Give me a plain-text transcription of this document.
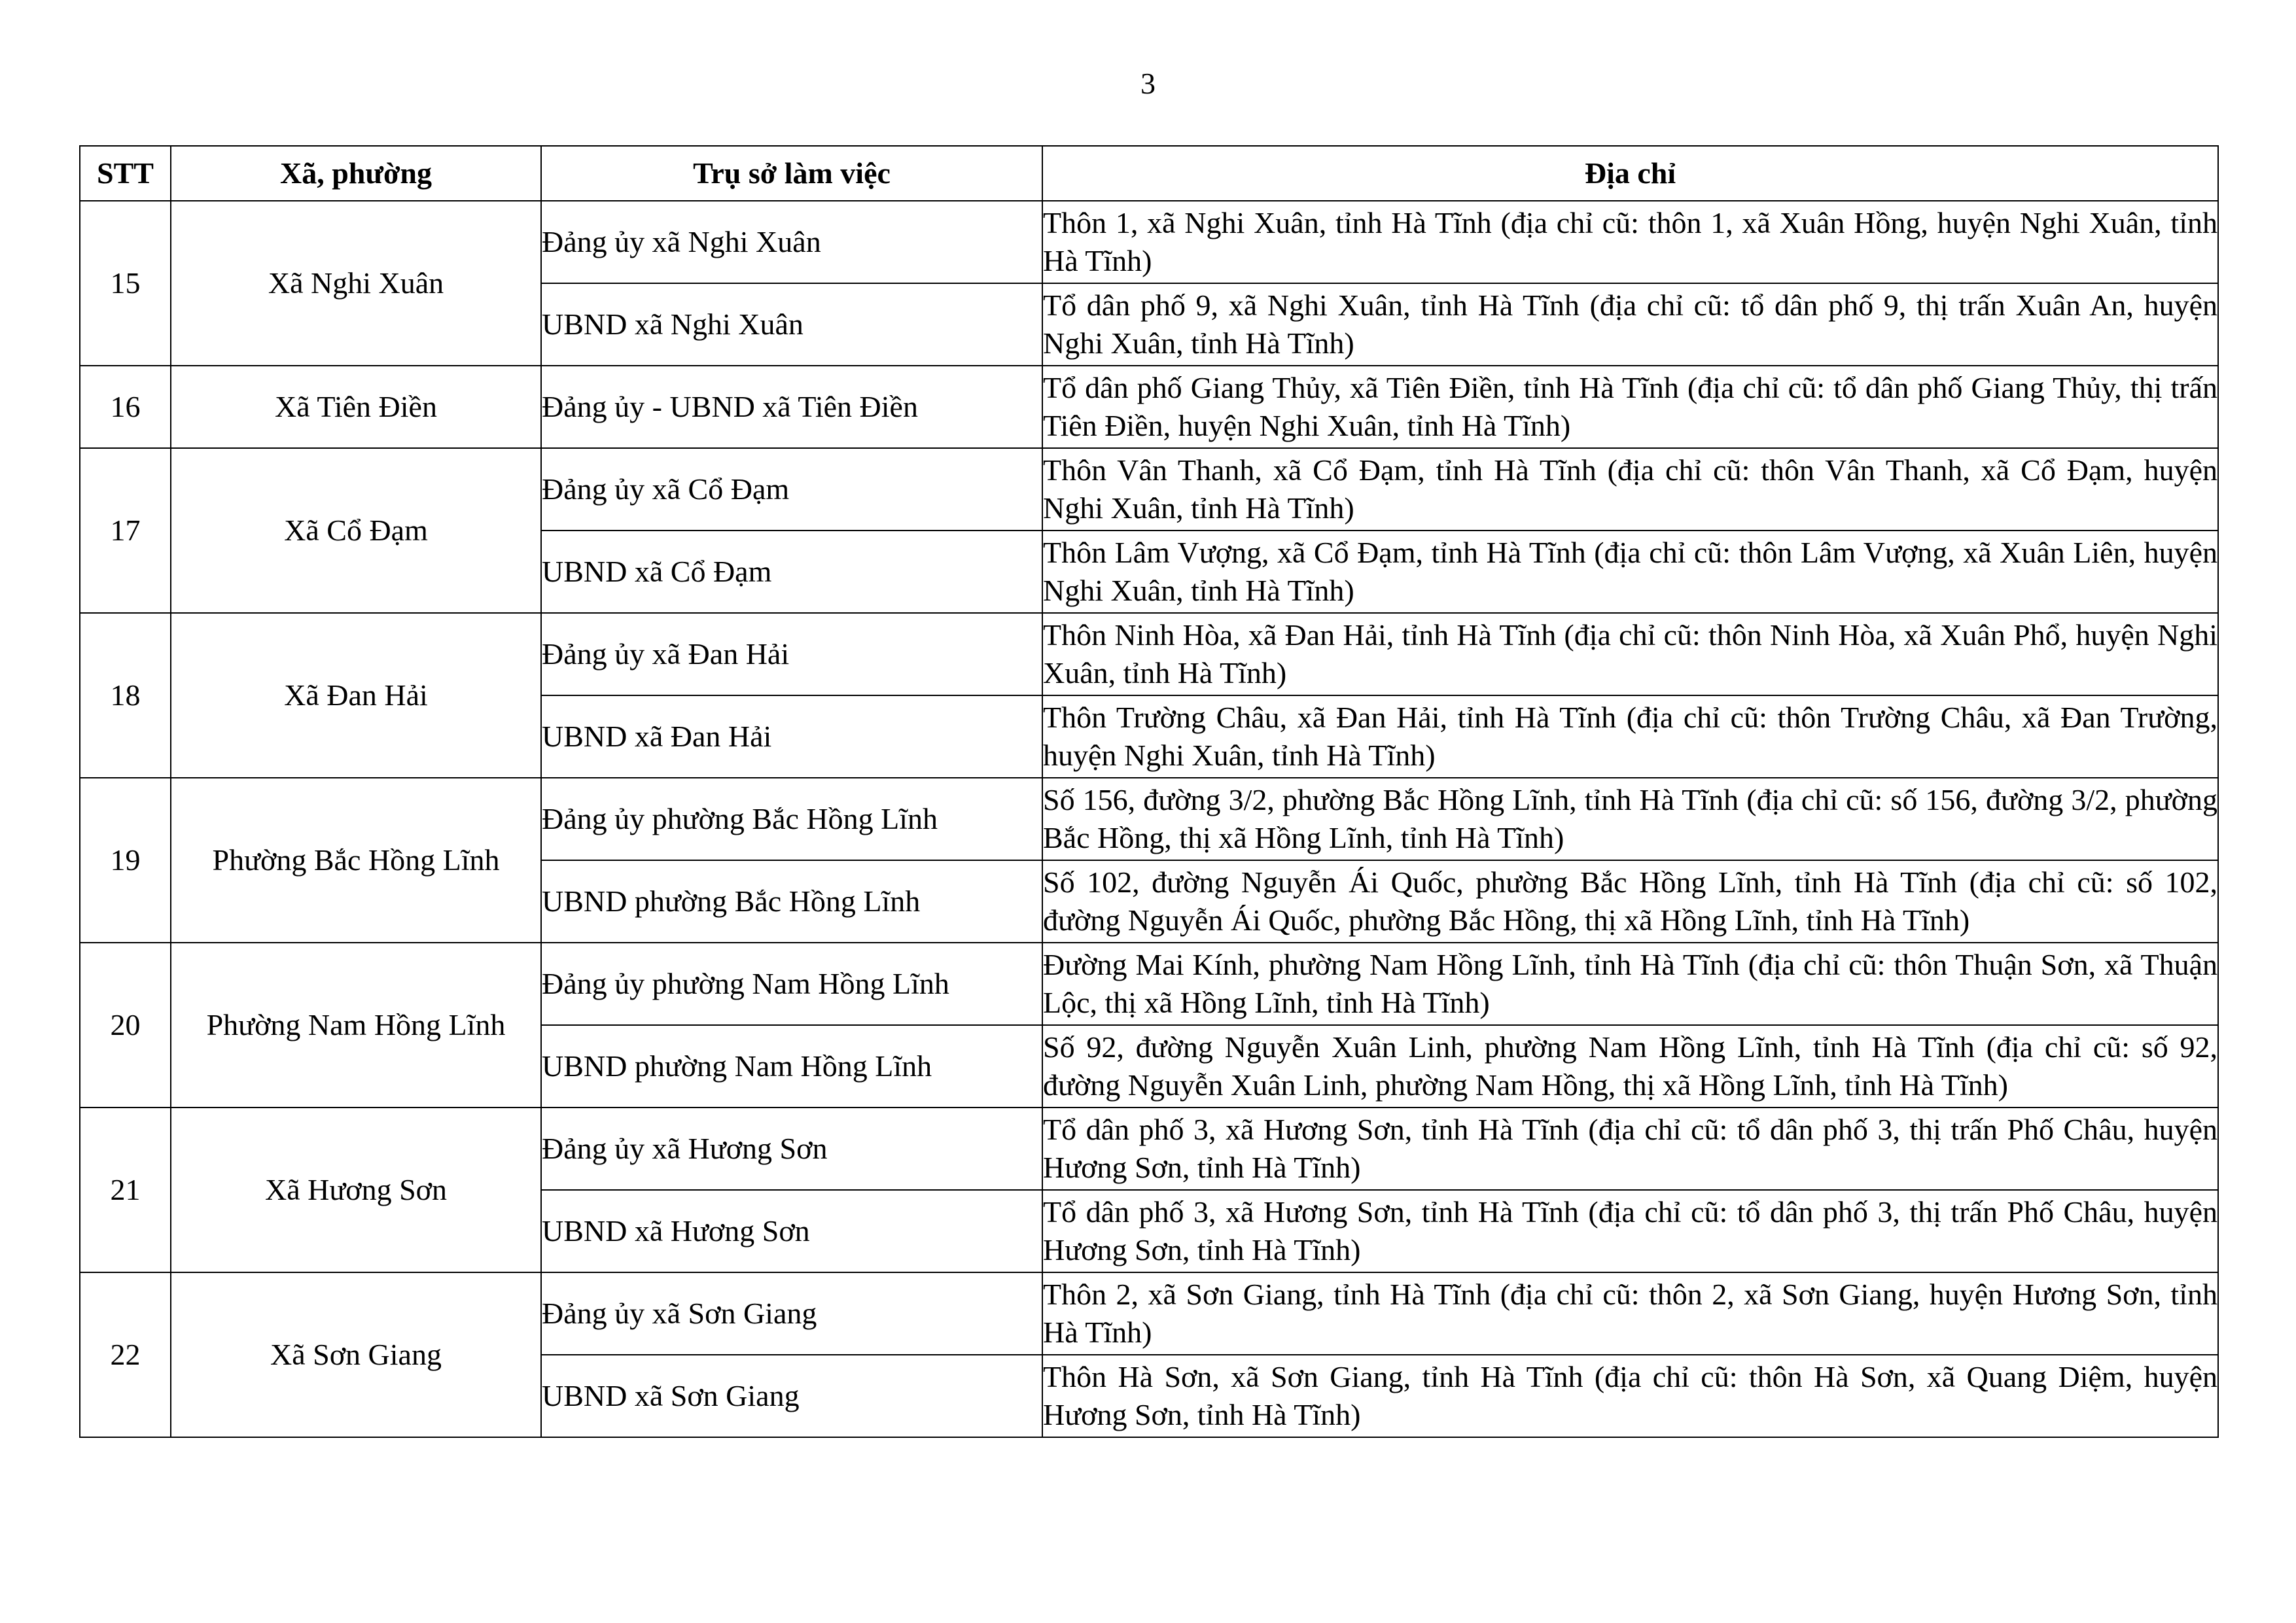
3
STT	Xã, phường	Trụ sở làm việc	Địa chỉ
15	Xã Nghi Xuân	Đảng ủy xã Nghi Xuân	Thôn 1, xã Nghi Xuân, tỉnh Hà Tĩnh (địa chỉ cũ: thôn 1, xã Xuân Hồng, huyện Nghi Xuân, tỉnh Hà Tĩnh)
		UBND xã Nghi Xuân	Tổ dân phố 9, xã Nghi Xuân, tỉnh Hà Tĩnh (địa chỉ cũ: tổ dân phố 9, thị trấn Xuân An, huyện Nghi Xuân, tỉnh Hà Tĩnh)
16	Xã Tiên Điền	Đảng ủy - UBND xã Tiên Điền	Tổ dân phố Giang Thủy, xã Tiên Điền, tỉnh Hà Tĩnh (địa chỉ cũ: tổ dân phố Giang Thủy, thị trấn Tiên Điền, huyện Nghi Xuân, tỉnh Hà Tĩnh)
17	Xã Cổ Đạm	Đảng ủy xã Cổ Đạm	Thôn Vân Thanh, xã Cổ Đạm, tỉnh Hà Tĩnh (địa chỉ cũ: thôn Vân Thanh, xã Cổ Đạm, huyện Nghi Xuân, tỉnh Hà Tĩnh)
		UBND xã Cổ Đạm	Thôn Lâm Vượng, xã Cổ Đạm, tỉnh Hà Tĩnh (địa chỉ cũ: thôn Lâm Vượng, xã Xuân Liên, huyện Nghi Xuân, tỉnh Hà Tĩnh)
18	Xã Đan Hải	Đảng ủy xã Đan Hải	Thôn Ninh Hòa, xã Đan Hải, tỉnh Hà Tĩnh (địa chỉ cũ: thôn Ninh Hòa, xã Xuân Phổ, huyện Nghi Xuân, tỉnh Hà Tĩnh)
		UBND xã Đan Hải	Thôn Trường Châu, xã Đan Hải, tỉnh Hà Tĩnh (địa chỉ cũ: thôn Trường Châu, xã Đan Trường, huyện Nghi Xuân, tỉnh Hà Tĩnh)
19	Phường Bắc Hồng Lĩnh	Đảng ủy phường Bắc Hồng Lĩnh	Số 156, đường 3/2, phường Bắc Hồng Lĩnh, tỉnh Hà Tĩnh (địa chỉ cũ: số 156, đường 3/2, phường Bắc Hồng, thị xã Hồng Lĩnh, tỉnh Hà Tĩnh)
		UBND phường Bắc Hồng Lĩnh	Số 102, đường Nguyễn Ái Quốc, phường Bắc Hồng Lĩnh, tỉnh Hà Tĩnh (địa chỉ cũ: số 102, đường Nguyễn Ái Quốc, phường Bắc Hồng, thị xã Hồng Lĩnh, tỉnh Hà Tĩnh)
20	Phường Nam Hồng Lĩnh	Đảng ủy phường Nam Hồng Lĩnh	Đường Mai Kính, phường Nam Hồng Lĩnh, tỉnh Hà Tĩnh (địa chỉ cũ: thôn Thuận Sơn, xã Thuận Lộc, thị xã Hồng Lĩnh, tỉnh Hà Tĩnh)
		UBND phường Nam Hồng Lĩnh	Số 92, đường Nguyễn Xuân Linh, phường Nam Hồng Lĩnh, tỉnh Hà Tĩnh (địa chỉ cũ: số 92, đường Nguyễn Xuân Linh, phường Nam Hồng, thị xã Hồng Lĩnh, tỉnh Hà Tĩnh)
21	Xã Hương Sơn	Đảng ủy xã Hương Sơn	Tổ dân phố 3, xã Hương Sơn, tỉnh Hà Tĩnh (địa chỉ cũ: tổ dân phố 3, thị trấn Phố Châu, huyện Hương Sơn, tỉnh Hà Tĩnh)
		UBND xã Hương Sơn	Tổ dân phố 3, xã Hương Sơn, tỉnh Hà Tĩnh (địa chỉ cũ: tổ dân phố 3, thị trấn Phố Châu, huyện Hương Sơn, tỉnh Hà Tĩnh)
22	Xã Sơn Giang	Đảng ủy xã Sơn Giang	Thôn 2, xã Sơn Giang, tỉnh Hà Tĩnh (địa chỉ cũ: thôn 2, xã Sơn Giang, huyện Hương Sơn, tỉnh Hà Tĩnh)
		UBND xã Sơn Giang	Thôn Hà Sơn, xã Sơn Giang, tỉnh Hà Tĩnh (địa chỉ cũ: thôn Hà Sơn, xã Quang Diệm, huyện Hương Sơn, tỉnh Hà Tĩnh)
